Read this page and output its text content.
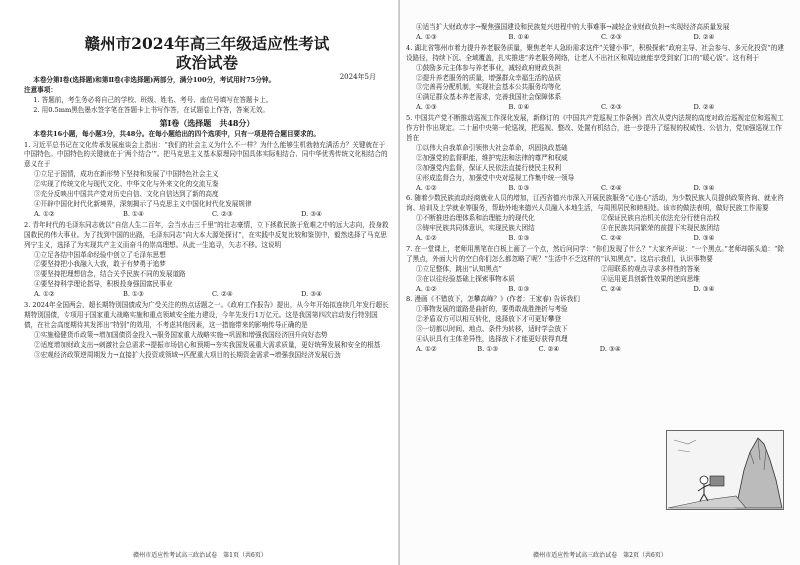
赣州市2024年高三年级适应性考试
政治试卷
2024年5月

本卷分第Ⅰ卷(选择题)和第Ⅱ卷(非选择题)两部分，满分100分，考试用时75分钟。

注意事项：

1. 答题前，考生务必将自己的学校、班级、姓名、考号、座位号填写在答题卡上。

2. 用0.5mm黑色墨水签字笔在答题卡上书写作答，在试题卷上作答，答案无效。

第Ⅰ卷（选择题　共48分）

本卷共16小题，每小题3分，共48分。在每小题给出的四个选项中，只有一项是符合题目要求的。

1. 习近平总书记在文化传承发展座谈会上指出：“我们的社会主义为什么不一样？为什么能够生机勃勃充满活力？关键就在于中国特色。中国特色的关键就在于‘两个结合’”。把马克思主义基本原理同中国具体实际相结合、同中华优秀传统文化相结合的意义在于

①立足于国情，成功在新形势下坚持和发展了中国特色社会主义

②实现了传统文化与现代文化、中华文化与外来文化的交流互鉴

③充分反映出中国共产党对历史自信、文化自信达到了新的高度

④开辟中国化时代化新境界，深刻揭示了马克思主义中国化时代化发展规律

A. ①②	B. ①④	C. ②③	D. ③④

2. 青年时代的毛泽东同志就以“自信人生二百年，会当水击三千里”的壮志豪情，立下拯救民族于危难之中的远大志向，投身救国救民的伟大事业。为了找到中国的出路，毛泽东同志“向大本大源处探讨”，在实践中反复比较和鉴别中，毅然选择了马克思列宁主义，选择了为实现共产主义而奋斗的崇高理想。从此一生追寻，矢志不移。这说明

①立足各结中国革命经验中创立了毛泽东思想

②要坚持把小我融入大我，敢于有梦勇于追梦

③要坚持把理想信念，结合关乎民族不同的发展道路

④要坚持科学理论指导，积极投身强国富民事业

A. ①②	B. ①③	C. ②④	D. ③④

3. 2024年全国两会，超长期特别国债成为广受关注的热点话题之一。《政府工作报告》提出，从今年开始拟连续几年发行超长期特别国债，专项用于国家重大战略实施和重点领域安全能力建设，今年先发行1万亿元。这是我国第四次启动发行特别国债，在社会高度期待其发挥出“特别”的效用，不考虑其他因素，这一措施带来的影响传导正确的是

①实施稳健货币政策→增加国债资金投入→服务国家重大战略实施→巩固和增强我国经济回升向好态势

②适度增加财政支出→刺激社会总需求→提振市场信心和预期→夯实我国发展重大需求质量，更好统筹发展和安全的根基

③宏观经济政策逆周期发力→直接扩大投资或领域→匹配重大项目的长期资金需求→增强我国经济发展后劲

赣州市适应性考试高三政治试卷　第1页（共6页）

④适当扩大财政赤字→聚焦强国建设和民族复兴进程中的大事难事→减轻企业财政负担→实现经济高质量发展

A. ①③	B. ①④	C. ②③	D. ②④

4. 湖北省鄂州市着力提升养老服务质量，聚焦老年人急盼需求这件“关键小事”，积极探索“政府主导、社会参与、多元化投资”的建设路径，持续下沉、全域覆盖，扎实推进“养老服务网络，让老人不出社区和周边就能享受到家门口的“暖心饭”。这有利于

①鼓励多元主体参与养老事业，减轻政府财政负担

②提升养老服务的质量，增强群众幸福生活的品质

③完善再分配机制，实现社会基本公共服务均等化

④满足群众基本养老需求，完善我国社会保障体系

A. ①③	B. ①④	C. ②③	D. ②④

5. 中国共产党不断推动巡视工作深化发展，新修订的《中国共产党巡视工作条例》首次从党内法规的高度对政治巡视定位和巡视工作方针作出规定。二十届中央第一轮巡视，把巡视、整改、处置有机结合，进一步提升了巡视的权威性、公信力，党加强巡视工作旨在

①以伟大自我革命引领伟大社会革命，巩固执政基础

②加强党的监督职能，维护宪法和法律的尊严和权威

③加强党内监督，保证人民依法直接行使民主权利

④形成监督合力，加强党中央对巡视工作集中统一领导

A. ①②	B. ①③	C. ②④	D. ③④

6. 随着少数民族流动经商就业人员的增加，江西省德兴市深入开展民族服务“心连心”活动，为少数民族人员提供政策咨询、就业咨询、培训及上学就业等服务，帮助外地来德兴人员融入本地生活，与周围居民和睦相处。该市的做法表明，做好民族工作需要

①不断推进治理体系和治理能力的现代化	②保证民族自治机关依法充分行使自治权
③铸牢民族共同体意识，实现民族大团结	④在民族共同繁荣的前提下实现民族团结
A. ①②	B. ①③	C. ②④	D. ③④

7. 在一堂课上，老师用黑笔在白板上画了一个点，然后问同学：“你们发现了什么？”大家齐声说：“一个黑点。”老师却摇头道：“除了黑点，外面大片的空白你们怎么都忽略了呢？”生活中不乏这样的“认知黑点”。这启示我们，认识事物要

①立足整体，跳出“认知黑点”	②用联系的观点寻求多样性的答案
③在以往经验基础上探索事物本质	④运用更具创新性效果的逆向思维
A. ①②	B. ①③	C. ②④	D. ③④

8. 漫画《不错放下，怎攀高峰？》(作者：王家春) 告诉我们

①事物发展的道路是曲折的，要勇敢战胜挫折与考验

②矛盾双方可以相互转化，选择放下才可更好攀登

③一切都以时间、地点、条件为转移，适时学会放下

④认识具有主体差异性，选择放下才能更好获得真理

A. ①②	B. ①③	C. ②④	D. ③④
赣州市适应性考试高三政治试卷　第2页（共6页）
